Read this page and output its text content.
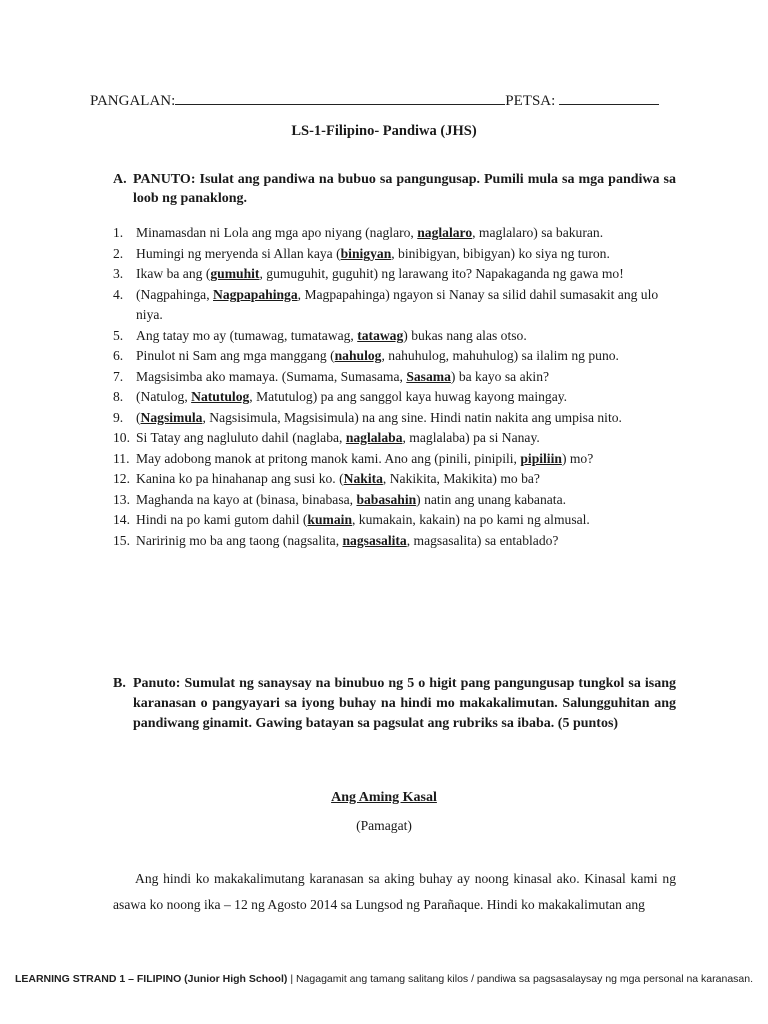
PANGALAN:	PETSA:
LS-1-Filipino- Pandiwa (JHS)
A. PANUTO: Isulat ang pandiwa na bubuo sa pangungusap. Pumili mula sa mga pandiwa sa loob ng panaklong.
1. Minamasdan ni Lola ang mga apo niyang (naglaro, naglalaro, maglalaro) sa bakuran.
2. Humingi ng meryenda si Allan kaya (binigyan, binibigyan, bibigyan) ko siya ng turon.
3. Ikaw ba ang (gumuhit, gumuguhit, guguhit) ng larawang ito? Napakaganda ng gawa mo!
4. (Nagpahinga, Nagpapahinga, Magpapahinga) ngayon si Nanay sa silid dahil sumasakit ang ulo niya.
5. Ang tatay mo ay (tumawag, tumatawag, tatawag) bukas nang alas otso.
6. Pinulot ni Sam ang mga manggang (nahulog, nahuhulog, mahuhulog) sa ilalim ng puno.
7. Magsisimba ako mamaya. (Sumama, Sumasama, Sasama) ba kayo sa akin?
8. (Natulog, Natutulog, Matutulog) pa ang sanggol kaya huwag kayong maingay.
9. (Nagsimula, Nagsisimula, Magsisimula) na ang sine. Hindi natin nakita ang umpisa nito.
10. Si Tatay ang nagluluto dahil (naglaba, naglalaba, maglalaba) pa si Nanay.
11. May adobong manok at pritong manok kami. Ano ang (pinili, pinipili, pipiliin) mo?
12. Kanina ko pa hinahanap ang susi ko. (Nakita, Nakikita, Makikita) mo ba?
13. Maghanda na kayo at (binasa, binabasa, babasahin) natin ang unang kabanata.
14. Hindi na po kami gutom dahil (kumain, kumakain, kakain) na po kami ng almusal.
15. Naririnig mo ba ang taong (nagsalita, nagsasalita, magsasalita) sa entablado?
B. Panuto: Sumulat ng sanaysay na binubuo ng 5 o higit pang pangungusap tungkol sa isang karanasan o pangyayari sa iyong buhay na hindi mo makakalimutan. Salungguhitan ang pandiwang ginamit. Gawing batayan sa pagsulat ang rubriks sa ibaba. (5 puntos)
Ang Aming Kasal
(Pamagat)
Ang hindi ko makakalimutang karanasan sa aking buhay ay noong kinasal ako. Kinasal kami ng asawa ko noong ika – 12 ng Agosto 2014 sa Lungsod ng Parañaque. Hindi ko makakalimutan ang
LEARNING STRAND 1 – FILIPINO (Junior High School) | Nagagamit ang tamang salitang kilos / pandiwa sa pagsasalaysay ng mga personal na karanasan.
